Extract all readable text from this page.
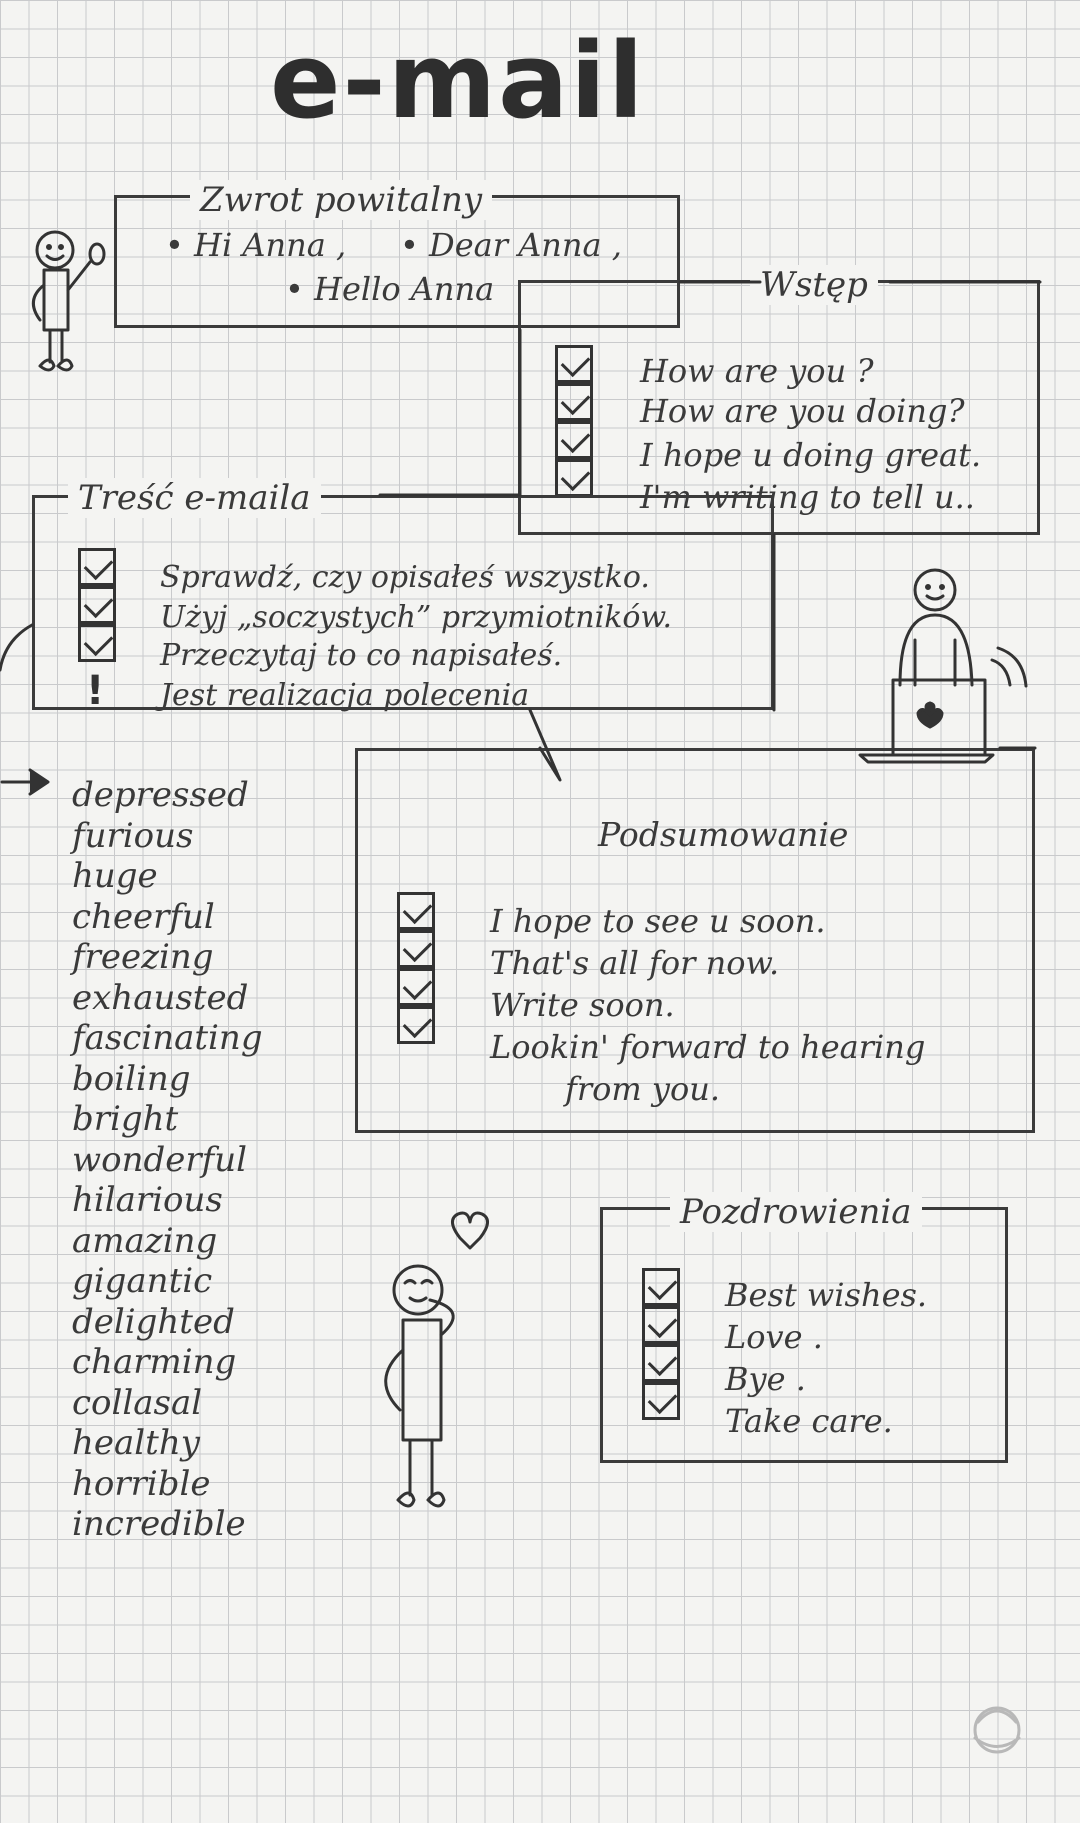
e-mail
Zwrot powitalny
• Hi Anna , • Dear Anna ,
• Hello Anna	Wstęp
How are you ?
How are you doing?
I hope u doing great.
I'm writing to tell u..
Treść e-maila
!
Sprawdź, czy opisałeś wszystko.
Użyj „soczystych” przymiotników.
Przeczytaj to co napisałeś.
Jest realizacja polecenia
Podsumowanie
I hope to see u soon.
That's all for now.
Write soon.
Lookin' forward to hearing
from you.
Pozdrowienia
Best wishes.
Love .
Bye .
Take care.
depressed
furious
huge
cheerful
freezing
exhausted
fascinating
boiling
bright
wonderful
hilarious
amazing
gigantic
delighted
charming
collasal
healthy
horrible
incredible
